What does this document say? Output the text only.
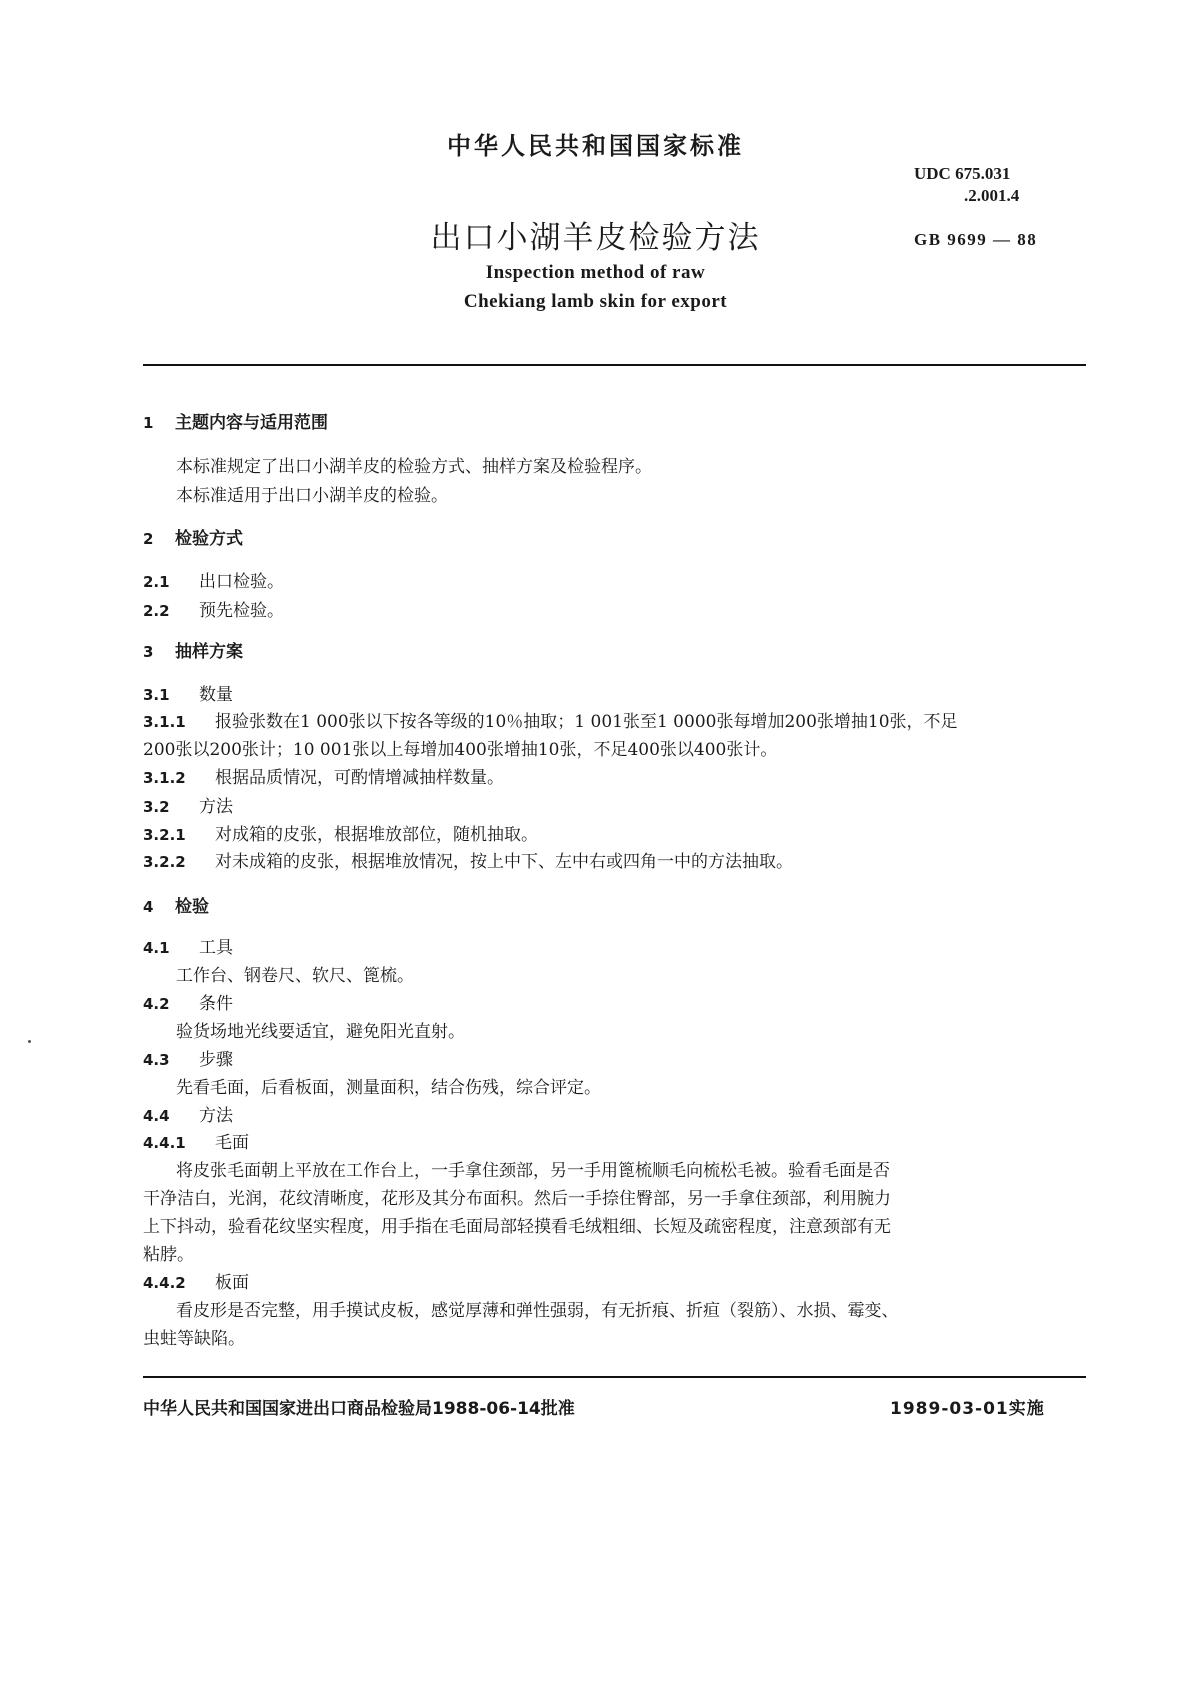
中华人民共和国国家标准
UDC 675.031
.2.001.4
出口小湖羊皮检验方法	GB 9699 — 88
Inspection method of raw
Chekiang lamb skin for export
1 主题内容与适用范围
本标准规定了出口小湖羊皮的检验方式、抽样方案及检验程序。
本标准适用于出口小湖羊皮的检验。
2 检验方式
2.1 出口检验。
2.2 预先检验。
3 抽样方案
3.1 数量
3.1.1 报验张数在1 000张以下按各等级的10％抽取；1 001张至1 0000张每增加200张增抽10张，不足
200张以200张计；10 001张以上每增加400张增抽10张，不足400张以400张计。
3.1.2 根据品质情况，可酌情增减抽样数量。
3.2 方法
3.2.1 对成箱的皮张，根据堆放部位，随机抽取。
3.2.2 对未成箱的皮张，根据堆放情况，按上中下、左中右或四角一中的方法抽取。
4 检验
4.1 工具
工作台、钢卷尺、软尺、篦梳。
4.2 条件
验货场地光线要适宜，避免阳光直射。
4.3 步骤
先看毛面，后看板面，测量面积，结合伤残，综合评定。
4.4 方法
4.4.1 毛面
将皮张毛面朝上平放在工作台上，一手拿住颈部，另一手用篦梳顺毛向梳松毛被。验看毛面是否
干净洁白，光润，花纹清晰度，花形及其分布面积。然后一手捺住臀部，另一手拿住颈部，利用腕力
上下抖动，验看花纹坚实程度，用手指在毛面局部轻摸看毛绒粗细、长短及疏密程度，注意颈部有无
粘脖。
4.4.2 板面
看皮形是否完整，用手摸试皮板，感觉厚薄和弹性强弱，有无折痕、折疸（裂筋）、水损、霉变、
虫蛀等缺陷。
中华人民共和国国家进出口商品检验局1988-06-14批准	1989-03-01实施
